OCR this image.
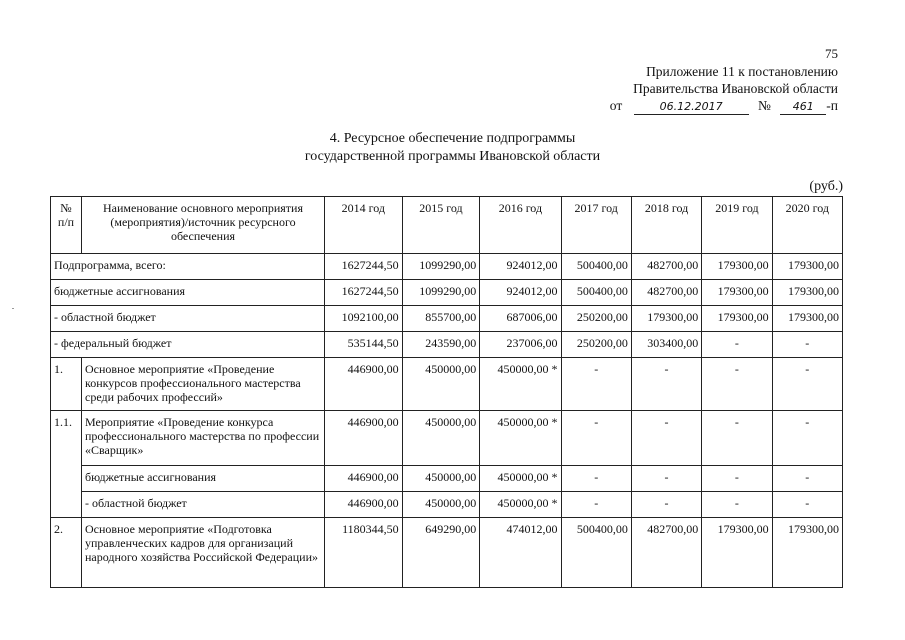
75
Приложение 11 к постановлению
Правительства Ивановской области
от	06.12.2017	№ 461 -п
4. Ресурсное обеспечение подпрограммы
государственной программы Ивановской области
(руб.)
№ п/п	Наименование основного мероприятия (мероприятия)/источник ресурсного обеспечения	2014 год	2015 год	2016 год	2017 год	2018 год	2019 год	2020 год
Подпрограмма, всего:		1627244,50	1099290,00	924012,00	500400,00	482700,00	179300,00	179300,00
бюджетные ассигнования		1627244,50	1099290,00	924012,00	500400,00	482700,00	179300,00	179300,00
- областной бюджет		1092100,00	855700,00	687006,00	250200,00	179300,00	179300,00	179300,00
- федеральный бюджет		535144,50	243590,00	237006,00	250200,00	303400,00	-	-
1.	Основное мероприятие «Проведение конкурсов профессионального мастерства среди рабочих профессий»	446900,00	450000,00	450000,00 *	-	-	-	-
1.1.	Мероприятие «Проведение конкурса профессионального мастерства по профессии «Сварщик»	446900,00	450000,00	450000,00 *	-	-	-	-
	бюджетные ассигнования	446900,00	450000,00	450000,00 *	-	-	-	-
	- областной бюджет	446900,00	450000,00	450000,00 *	-	-	-	-
2.	Основное мероприятие «Подготовка управленческих кадров для организаций народного хозяйства Российской Федерации»	1180344,50	649290,00	474012,00	500400,00	482700,00	179300,00	179300,00
